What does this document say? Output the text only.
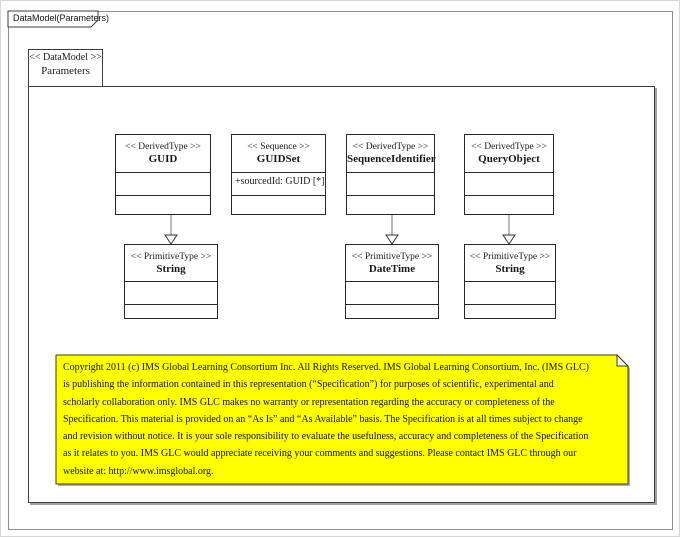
DataModel(Parameters)
<< DataModel >>
Parameters
<< DerivedType >>
GUID
<< Sequence >>
GUIDSet
+sourcedId: GUID [*]
<< DerivedType >>
SequenceIdentifier
<< DerivedType >>
QueryObject
<< PrimitiveType >>
String
<< PrimitiveType >>
DateTime
<< PrimitiveType >>
String
Copyright 2011 (c) IMS Global Learning Consortium Inc. All Rights Reserved. IMS Global Learning Consortium, Inc. (IMS GLC)
is publishing the information contained in this representation (“Specification”) for purposes of scientific, experimental and
scholarly collaboration only. IMS GLC makes no warranty or representation regarding the accuracy or completeness of the
Specification. This material is provided on an “As Is” and “As Available” basis. The Specification is at all times subject to change
and revision without notice. It is your sole responsibility to evaluate the usefulness, accuracy and completeness of the Specification
as it relates to you. IMS GLC would appreciate receiving your comments and suggestions. Please contact IMS GLC through our
website at: http://www.imsglobal.org.
